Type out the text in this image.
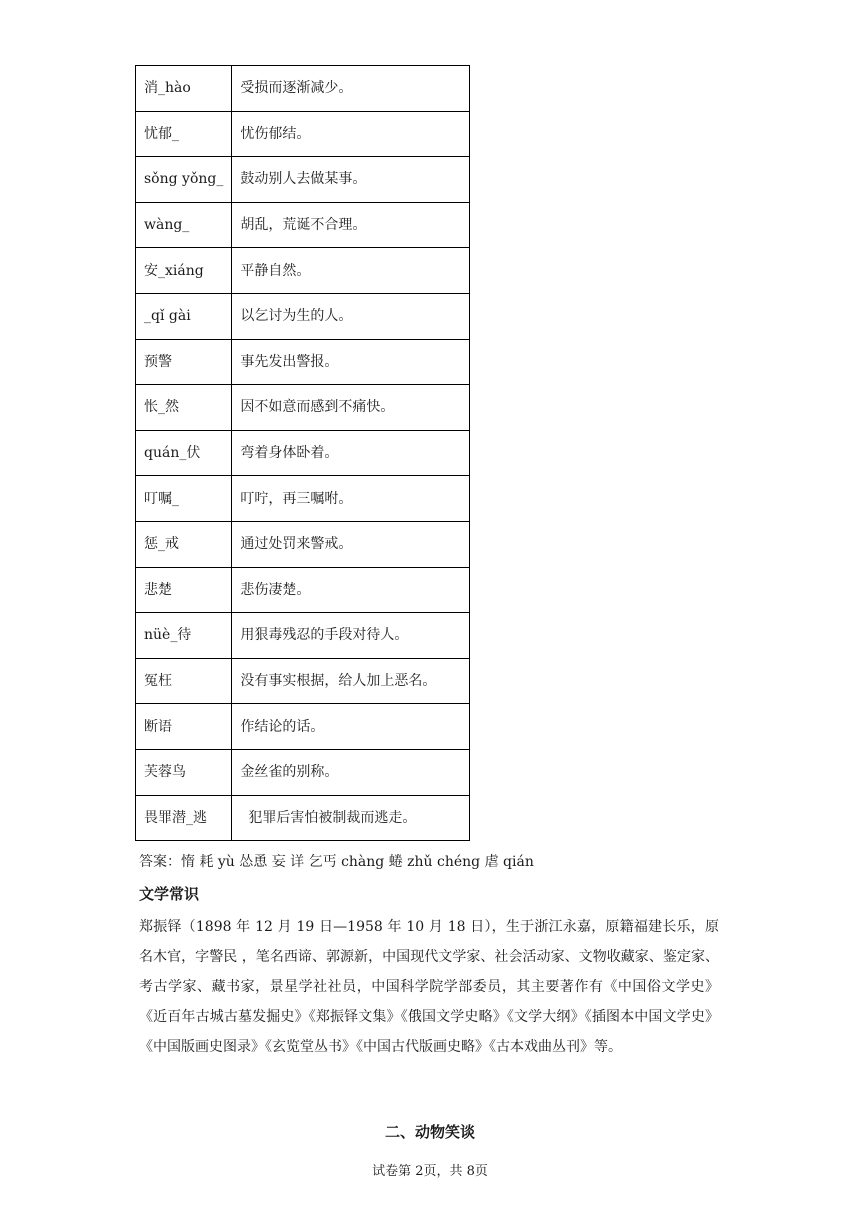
消_hào	受损而逐渐减少。
忧郁_	忧伤郁结。
sǒng yǒng_	鼓动别人去做某事。
wàng_	胡乱，荒诞不合理。
安_xiáng	平静自然。
_qǐ gài	以乞讨为生的人。
预警	事先发出警报。
怅_然	因不如意而感到不痛快。
quán_伏	弯着身体卧着。
叮嘱_	叮咛，再三嘱咐。
惩_戒	通过处罚来警戒。
悲楚	悲伤凄楚。
nüè_待	用狠毒残忍的手段对待人。
冤枉	没有事实根据，给人加上恶名。
断语	作结论的话。
芙蓉鸟	金丝雀的别称。
畏罪潜_逃	犯罪后害怕被制裁而逃走。
答案：惰 耗 yù 怂恿 妄 详 乞丐 chàng 蜷 zhǔ chéng 虐 qián
文学常识

郑振铎（1898 年 12 月 19 日—1958 年 10 月 18 日），生于浙江永嘉，原籍福建长乐，原名木官，字警民 ，笔名西谛、郭源新，中国现代文学家、社会活动家、文物收藏家、鉴定家、考古学家、藏书家，景星学社社员，中国科学院学部委员，其主要著作有《中国俗文学史》《近百年古城古墓发掘史》《郑振铎文集》《俄国文学史略》《文学大纲》《插图本中国文学史》《中国版画史图录》《玄览堂丛书》《中国古代版画史略》《古本戏曲丛刊》等。

二、动物笑谈
试卷第 2页，共 8页
